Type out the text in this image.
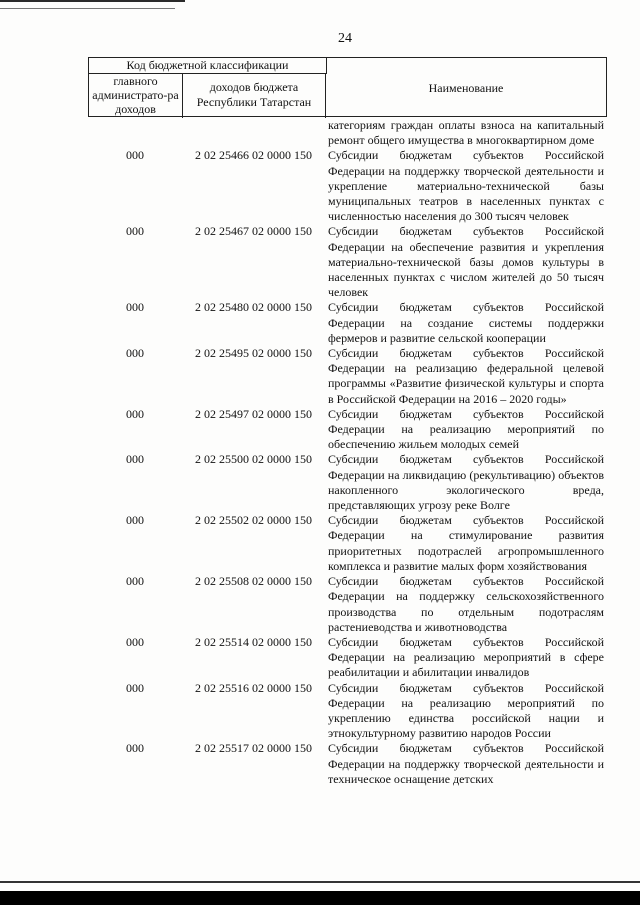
24
Код бюджетной классификации
главного администрато-ра доходов
доходов бюджета Республики Татарстан
Наименование
категориям граждан оплаты взноса на капитальный ремонт общего имущества в многоквартирном доме
000	2 02 25466 02 0000 150	Субсидии бюджетам субъектов Российской Федерации на поддержку творческой деятельности и укрепление материально-технической базы муниципальных театров в населенных пунктах с численностью населения до 300 тысяч человек
000	2 02 25467 02 0000 150	Субсидии бюджетам субъектов Российской Федерации на обеспечение развития и укрепления материально-технической базы домов культуры в населенных пунктах с числом жителей до 50 тысяч человек
000	2 02 25480 02 0000 150	Субсидии бюджетам субъектов Российской Федерации на создание системы поддержки фермеров и развитие сельской кооперации
000	2 02 25495 02 0000 150	Субсидии бюджетам субъектов Российской Федерации на реализацию федеральной целевой программы «Развитие физической культуры и спорта в Российской Федерации на 2016 – 2020 годы»
000	2 02 25497 02 0000 150	Субсидии бюджетам субъектов Российской Федерации на реализацию мероприятий по обеспечению жильем молодых семей
000	2 02 25500 02 0000 150	Субсидии бюджетам субъектов Российской Федерации на ликвидацию (рекультивацию) объектов накопленного экологического вреда, представляющих угрозу реке Волге
000	2 02 25502 02 0000 150	Субсидии бюджетам субъектов Российской Федерации на стимулирование развития приоритетных подотраслей агропромышленного комплекса и развитие малых форм хозяйствования
000	2 02 25508 02 0000 150	Субсидии бюджетам субъектов Российской Федерации на поддержку сельскохозяйственного производства по отдельным подотраслям растениеводства и животноводства
000	2 02 25514 02 0000 150	Субсидии бюджетам субъектов Российской Федерации на реализацию мероприятий в сфере реабилитации и абилитации инвалидов
000	2 02 25516 02 0000 150	Субсидии бюджетам субъектов Российской Федерации на реализацию мероприятий по укреплению единства российской нации и этнокультурному развитию народов России
000	2 02 25517 02 0000 150	Субсидии бюджетам субъектов Российской Федерации на поддержку творческой деятельности и техническое оснащение детских
